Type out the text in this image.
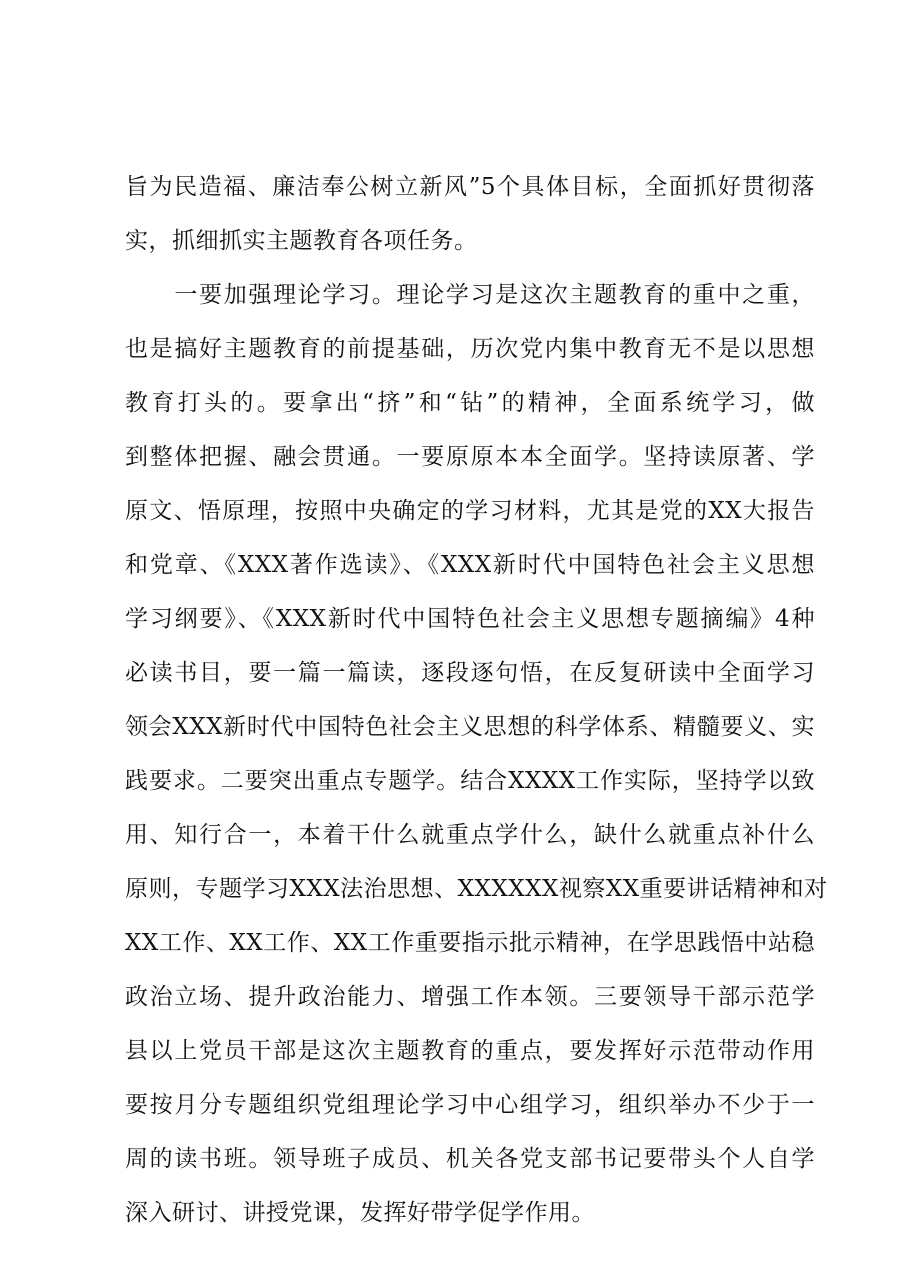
旨为民造福、廉洁奉公树立新风”5个具体目标，全面抓好贯彻落
实，抓细抓实主题教育各项任务。
　　一要加强理论学习。理论学习是这次主题教育的重中之重，
也是搞好主题教育的前提基础，历次党内集中教育无不是以思想
教育打头的。要拿出“挤”和“钻”的精神，全面系统学习，做
到整体把握、融会贯通。一要原原本本全面学。坚持读原著、学
原文、悟原理，按照中央确定的学习材料，尤其是党的XX大报告
和党章、《XXX著作选读》、《XXX新时代中国特色社会主义思想
学习纲要》、《XXX新时代中国特色社会主义思想专题摘编》4种
必读书目，要一篇一篇读，逐段逐句悟，在反复研读中全面学习
领会XXX新时代中国特色社会主义思想的科学体系、精髓要义、实
践要求。二要突出重点专题学。结合XXXX工作实际，坚持学以致
用、知行合一，本着干什么就重点学什么，缺什么就重点补什么
原则，专题学习XXX法治思想、XXXXXX视察XX重要讲话精神和对
XX工作、XX工作、XX工作重要指示批示精神，在学思践悟中站稳
政治立场、提升政治能力、增强工作本领。三要领导干部示范学
县以上党员干部是这次主题教育的重点，要发挥好示范带动作用
要按月分专题组织党组理论学习中心组学习，组织举办不少于一
周的读书班。领导班子成员、机关各党支部书记要带头个人自学
深入研讨、讲授党课，发挥好带学促学作用。
